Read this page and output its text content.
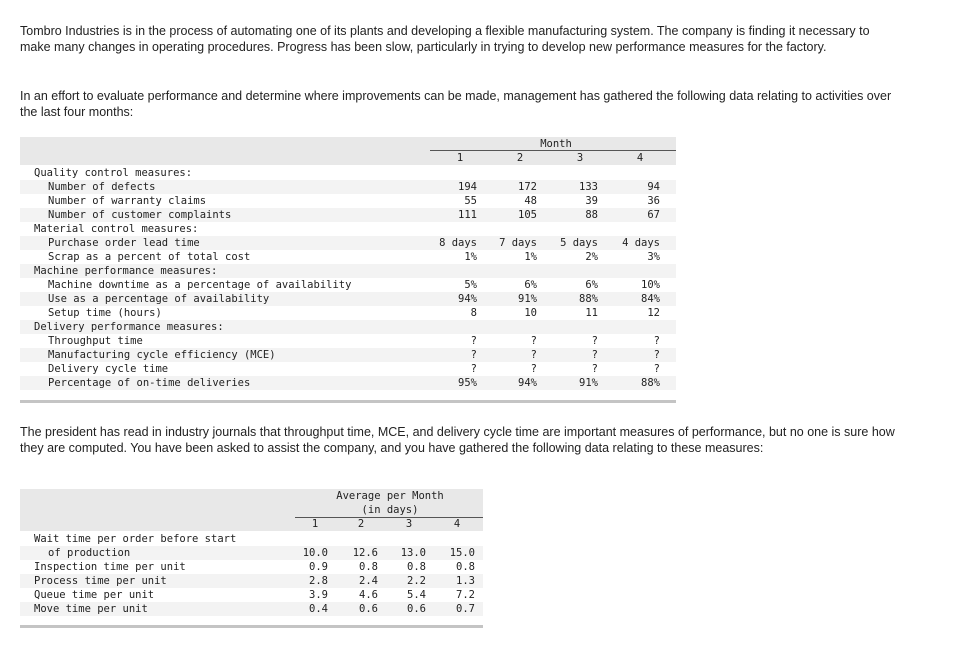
Tombro Industries is in the process of automating one of its plants and developing a flexible manufacturing system. The company is finding it necessary to make many changes in operating procedures. Progress has been slow, particularly in trying to develop new performance measures for the factory.

In an effort to evaluate performance and determine where improvements can be made, management has gathered the following data relating to activities over the last four months:

Month
1	2	3	4
Quality control measures:
Number of defects	194	172	133	94
Number of warranty claims	55	48	39	36
Number of customer complaints	111	105	88	67
Material control measures:
Purchase order lead time	8 days	7 days	5 days	4 days
Scrap as a percent of total cost	1%	1%	2%	3%
Machine performance measures:
Machine downtime as a percentage of availability	5%	6%	6%	10%
Use as a percentage of availability	94%	91%	88%	84%
Setup time (hours)	8	10	11	12
Delivery performance measures:
Throughput time	?	?	?	?
Manufacturing cycle efficiency (MCE)	?	?	?	?
Delivery cycle time	?	?	?	?
Percentage of on-time deliveries	95%	94%	91%	88%

The president has read in industry journals that throughput time, MCE, and delivery cycle time are important measures of performance, but no one is sure how they are computed. You have been asked to assist the company, and you have gathered the following data relating to these measures:

Average per Month
(in days)
1	2	3	4
Wait time per order before start
of production	10.0	12.6	13.0	15.0
Inspection time per unit	0.9	0.8	0.8	0.8
Process time per unit	2.8	2.4	2.2	1.3
Queue time per unit	3.9	4.6	5.4	7.2
Move time per unit	0.4	0.6	0.6	0.7
